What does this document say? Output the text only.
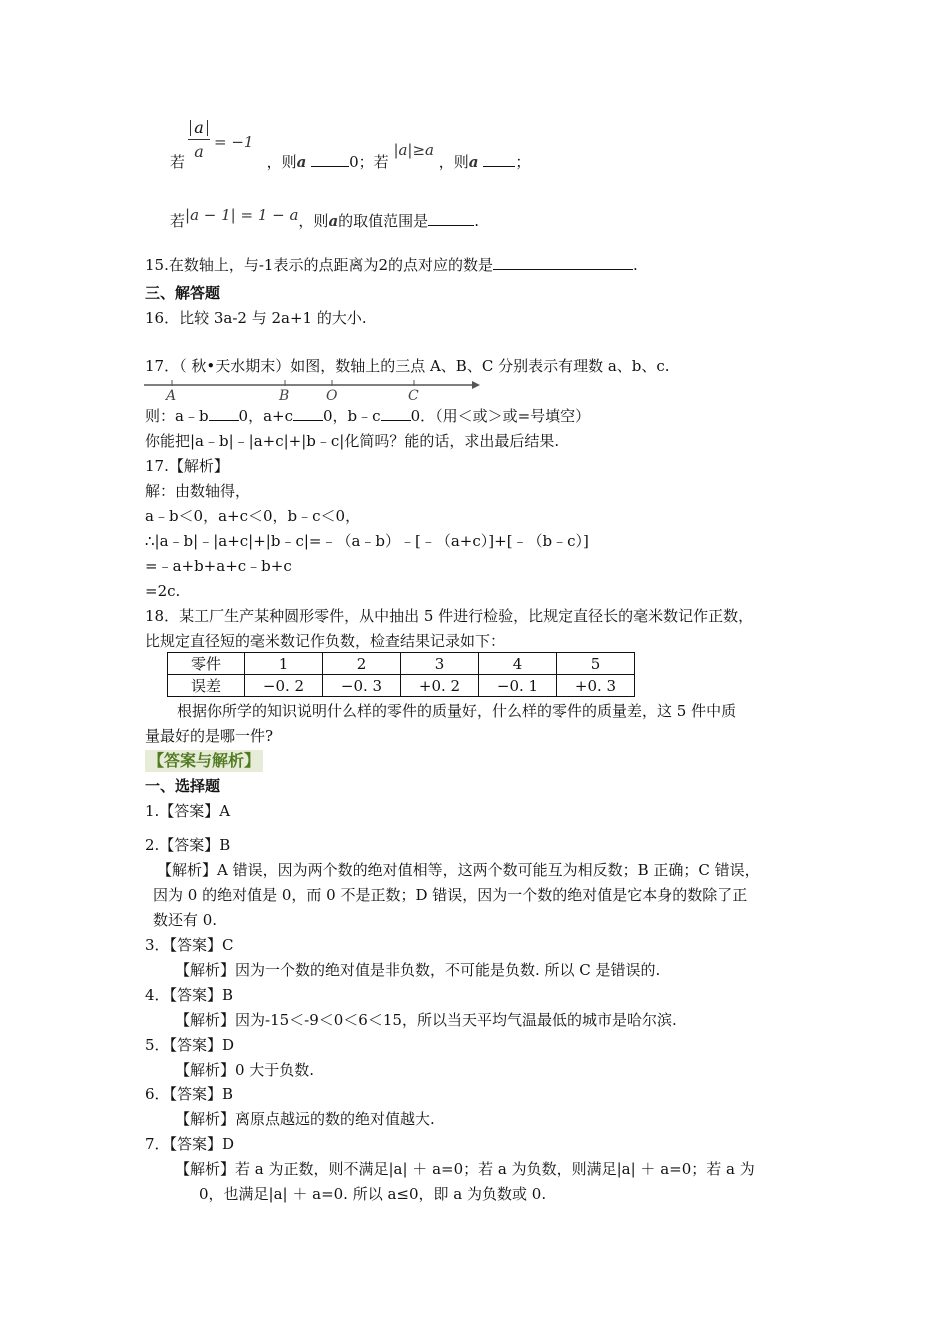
a
a = −1
若	，则a	0；若 |a|≥a ，则a ；
若|a − 1| = 1 − a，则a的取值范围是	.
15.在数轴上，与-1表示的点距离为2的点对应的数是	.
三、解答题
16．比较 3a-2 与 2a+1 的大小.
17．（ 秋•天水期末）如图，数轴上的三点 A、B、C 分别表示有理数 a、b、c.
A	B	O	C
则：a﹣b 0，a+c 0，b﹣c 0．（用＜或＞或=号填空）
你能把|a﹣b|﹣|a+c|+|b﹣c|化简吗？能的话，求出最后结果.
17.【解析】
解：由数轴得，
a﹣b＜0，a+c＜0，b﹣c＜0，
∴|a﹣b|﹣|a+c|+|b﹣c|=﹣（a﹣b）﹣[﹣（a+c）]+[﹣（b﹣c）]
=﹣a+b+a+c﹣b+c
=2c.
18．某工厂生产某种圆形零件，从中抽出 5 件进行检验，比规定直径长的毫米数记作正数，
比规定直径短的毫米数记作负数，检查结果记录如下：
零件	1	2	3	4	5
误差	−0. 2	−0. 3	+0. 2	−0. 1	+0. 3
根据你所学的知识说明什么样的零件的质量好，什么样的零件的质量差，这 5 件中质
量最好的是哪一件?
【答案与解析】
一、选择题
1.【答案】A
2.【答案】B
【解析】A 错误，因为两个数的绝对值相等，这两个数可能互为相反数；B 正确；C 错误，
因为 0 的绝对值是 0，而 0 不是正数；D 错误，因为一个数的绝对值是它本身的数除了正
数还有 0.
3．【答案】C
【解析】因为一个数的绝对值是非负数，不可能是负数. 所以 C 是错误的.
4．【答案】B
【解析】因为-15＜-9＜0＜6＜15，所以当天平均气温最低的城市是哈尔滨.
5．【答案】D
【解析】0 大于负数.
6．【答案】B
【解析】离原点越远的数的绝对值越大.
7．【答案】D
【解析】若 a 为正数，则不满足|a| ＋ a=0；若 a 为负数，则满足|a| ＋ a=0；若 a 为
0，也满足|a| ＋ a=0. 所以 a≤0，即 a 为负数或 0.
